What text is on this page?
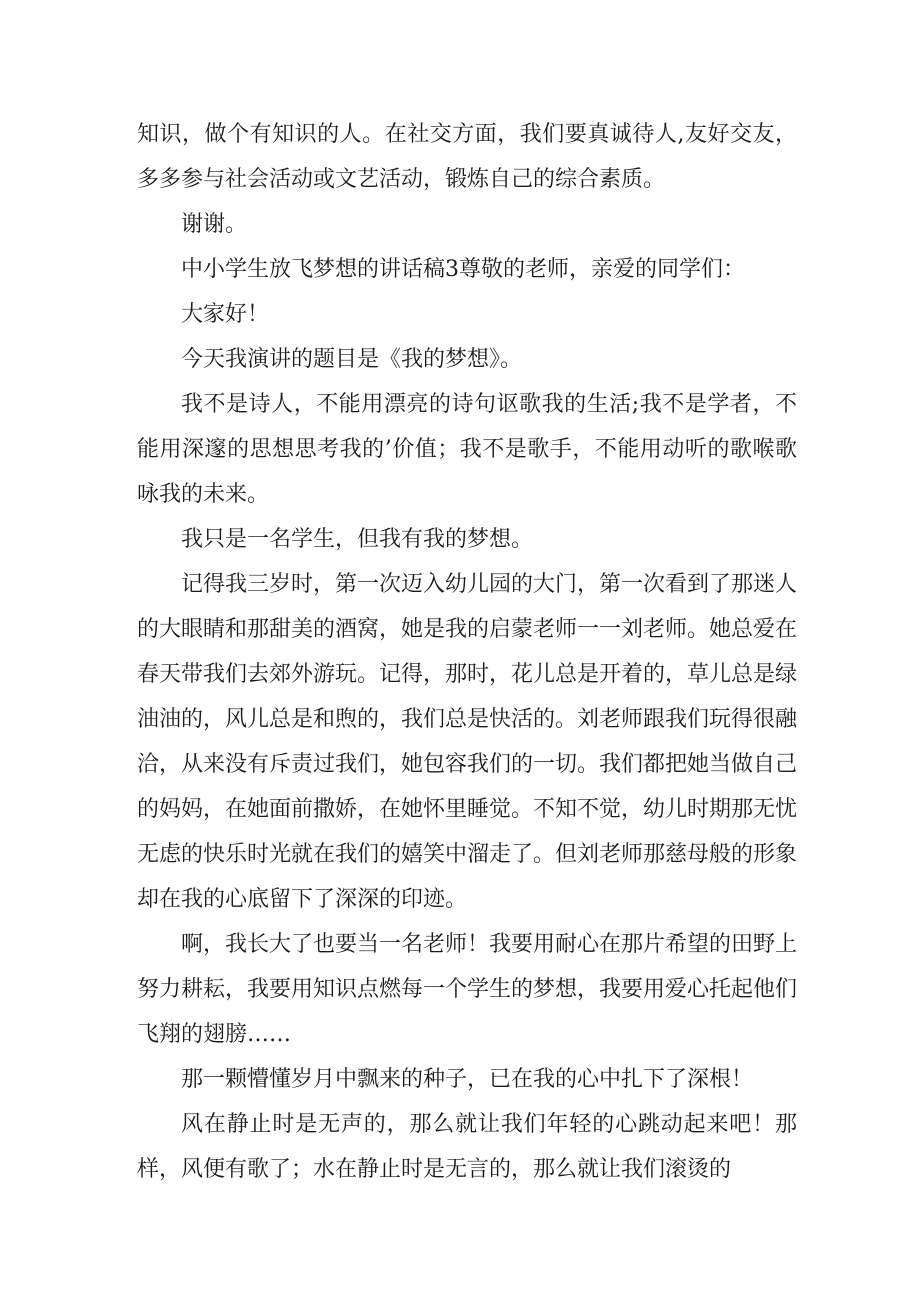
知识，做个有知识的人。在社交方面，我们要真诚待人,友好交友，多多参与社会活动或文艺活动，锻炼自己的综合素质。

谢谢。

中小学生放飞梦想的讲话稿3尊敬的老师，亲爱的同学们：

大家好！

今天我演讲的题目是《我的梦想》。

我不是诗人，不能用漂亮的诗句讴歌我的生活;我不是学者，不能用深邃的思想思考我的’价值；我不是歌手，不能用动听的歌喉歌咏我的未来。

我只是一名学生，但我有我的梦想。

记得我三岁时，第一次迈入幼儿园的大门，第一次看到了那迷人的大眼睛和那甜美的酒窝，她是我的启蒙老师一一刘老师。她总爱在春天带我们去郊外游玩。记得，那时，花儿总是开着的，草儿总是绿油油的，风儿总是和煦的，我们总是快活的。刘老师跟我们玩得很融洽，从来没有斥责过我们，她包容我们的一切。我们都把她当做自己的妈妈，在她面前撒娇，在她怀里睡觉。不知不觉，幼儿时期那无忧无虑的快乐时光就在我们的嬉笑中溜走了。但刘老师那慈母般的形象却在我的心底留下了深深的印迹。

啊，我长大了也要当一名老师！我要用耐心在那片希望的田野上努力耕耘，我要用知识点燃每一个学生的梦想，我要用爱心托起他们飞翔的翅膀……

那一颗懵懂岁月中飘来的种子，已在我的心中扎下了深根！

风在静止时是无声的，那么就让我们年轻的心跳动起来吧！那样，风便有歌了；水在静止时是无言的，那么就让我们滚烫的
